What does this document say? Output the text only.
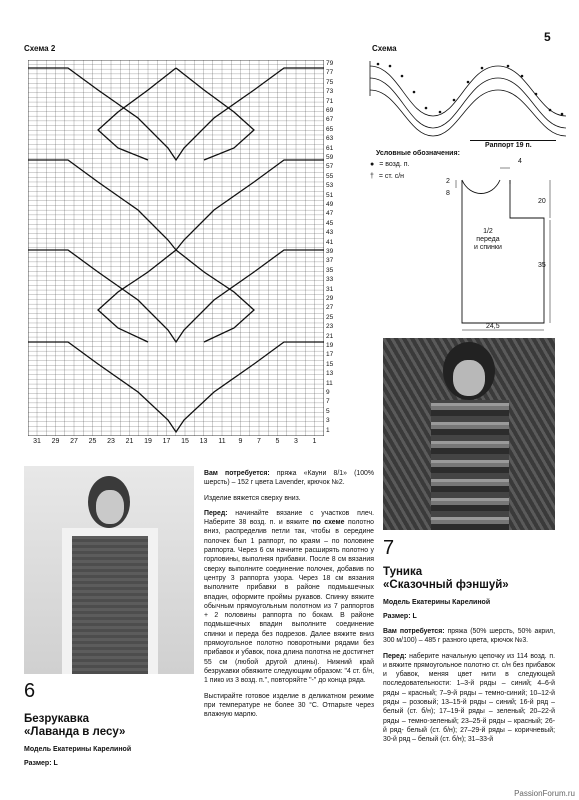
Схема 2
5
79
77
75
73
71
69
67
65
63
61
59
57
55
53
51
49
47
45
43
41
39
37
35
33
31
29
27
25
23
21
19
17
15
13
11
9
7
5
3
1
31	29	27	25	23	21	19	17	15	13	11	9	7	5	3	1
Схема
Раппорт 19 п.
Условные обозначения:
● = возд. п.
† = ст. с/н
4
2
8
20
35
24,5
1/2
переда
и спинки
6
Безрукавка
«Лаванда в лесу»
Модель Екатерины Карелиной
Размер: L

Вам потребуется: пряжа «Кауни 8/1» (100% шерсть) – 152 г цвета Lavender, крючок №2.

Изделие вяжется сверху вниз.

Перед: начинайте вязание с участков плеч. Наберите 38 возд. п. и вяжите по схеме полотно вниз, распределив петли так, чтобы в середине полочек был 1 раппорт, по краям – по половине раппорта. Через 6 см начните расширять полотно у горловины, выполняя прибавки. После 8 см вязания сверху выполните соединение полочек, добавив по центру 3 раппорта узора. Через 18 см вязания выполните прибавки в районе подмышечных впадин, оформите проймы рукавов. Спинку вяжите обычным прямоугольным полотном из 7 раппортов + 2 половины раппорта по бокам. В районе подмышечных впадин выполните соединение спинки и переда без подрезов. Далее вяжите вниз прямоугольное полотно поворотными рядами без прибавок и убавок, пока длина полотна не достигнет 55 см (любой другой длины). Нижний край безрукавки обвяжите следующим образом: "4 ст. б/н, 1 пико из 3 возд. п.", повторяйте "-" до конца ряда.

Выстирайте готовое изделие в деликатном режиме при температуре не более 30 °С. Отпарьте через влажную марлю.

7
Туника
«Сказочный фэншуй»
Модель Екатерины Карелиной
Размер: L

Вам потребуется: пряжа (50% шерсть, 50% акрил, 300 м/100) – 485 г разного цвета, крючок №3.

Перед: наберите начальную цепочку из 114 возд. п. и вяжите прямоугольное полотно ст. с/н без прибавок и убавок, меняя цвет нити в следующей последовательности: 1–3-й ряды – синий; 4–6-й ряды – красный; 7–9-й ряды – темно-синий; 10–12-й ряды – розовый; 13–15-й ряды – синий; 16-й ряд – белый (ст. б/н); 17–19-й ряды – зеленый; 20–22-й ряды – темно-зеленый; 23–25-й ряды – красный; 26-й ряд- белый (ст. б/н); 27–29-й ряды – коричневый; 30-й ряд – белый (ст. б/н); 31–33-й

PassionForum.ru
